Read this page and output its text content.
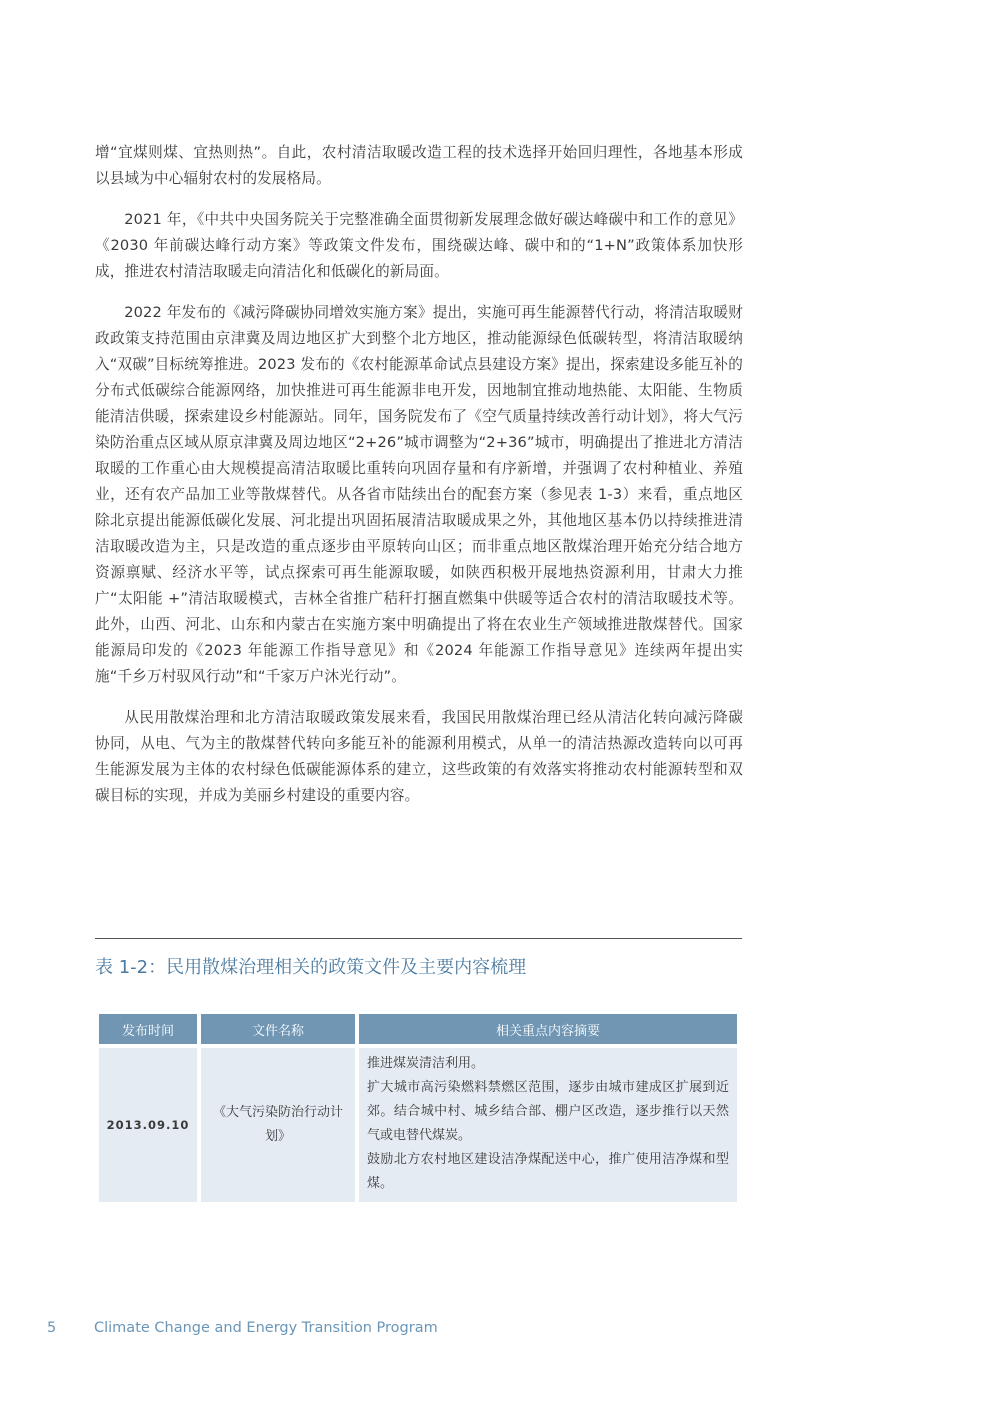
增“宜煤则煤、宜热则热”。自此，农村清洁取暖改造工程的技术选择开始回归理性，各地基本形成以县域为中心辐射农村的发展格局。

2021 年，《中共中央国务院关于完整准确全面贯彻新发展理念做好碳达峰碳中和工作的意见》《2030 年前碳达峰行动方案》等政策文件发布，围绕碳达峰、碳中和的“1+N”政策体系加快形成，推进农村清洁取暖走向清洁化和低碳化的新局面。

2022 年发布的《减污降碳协同增效实施方案》提出，实施可再生能源替代行动，将清洁取暖财政政策支持范围由京津冀及周边地区扩大到整个北方地区，推动能源绿色低碳转型，将清洁取暖纳入“双碳”目标统筹推进。2023 发布的《农村能源革命试点县建设方案》提出，探索建设多能互补的分布式低碳综合能源网络，加快推进可再生能源非电开发，因地制宜推动地热能、太阳能、生物质能清洁供暖，探索建设乡村能源站。同年，国务院发布了《空气质量持续改善行动计划》，将大气污染防治重点区域从原京津冀及周边地区“2+26”城市调整为“2+36”城市，明确提出了推进北方清洁取暖的工作重心由大规模提高清洁取暖比重转向巩固存量和有序新增，并强调了农村种植业、养殖业，还有农产品加工业等散煤替代。从各省市陆续出台的配套方案（参见表 1-3）来看，重点地区除北京提出能源低碳化发展、河北提出巩固拓展清洁取暖成果之外，其他地区基本仍以持续推进清洁取暖改造为主，只是改造的重点逐步由平原转向山区；而非重点地区散煤治理开始充分结合地方资源禀赋、经济水平等，试点探索可再生能源取暖，如陕西积极开展地热资源利用，甘肃大力推广“太阳能 +”清洁取暖模式，吉林全省推广秸秆打捆直燃集中供暖等适合农村的清洁取暖技术等。此外，山西、河北、山东和内蒙古在实施方案中明确提出了将在农业生产领域推进散煤替代。国家能源局印发的《2023 年能源工作指导意见》和《2024 年能源工作指导意见》连续两年提出实施“千乡万村驭风行动”和“千家万户沐光行动”。

从民用散煤治理和北方清洁取暖政策发展来看，我国民用散煤治理已经从清洁化转向减污降碳协同，从电、气为主的散煤替代转向多能互补的能源利用模式，从单一的清洁热源改造转向以可再生能源发展为主体的农村绿色低碳能源体系的建立，这些政策的有效落实将推动农村能源转型和双碳目标的实现，并成为美丽乡村建设的重要内容。

表 1-2：民用散煤治理相关的政策文件及主要内容梳理
发布时间		文件名称		相关重点内容摘要

2013.09.10		《大气污染防治行动计划》		推进煤炭清洁利用。

扩大城市高污染燃料禁燃区范围，逐步由城市建成区扩展到近郊。结合城中村、城乡结合部、棚户区改造，逐步推行以天然气或电替代煤炭。

鼓励北方农村地区建设洁净煤配送中心，推广使用洁净煤和型煤。

5	Climate Change and Energy Transition Program
